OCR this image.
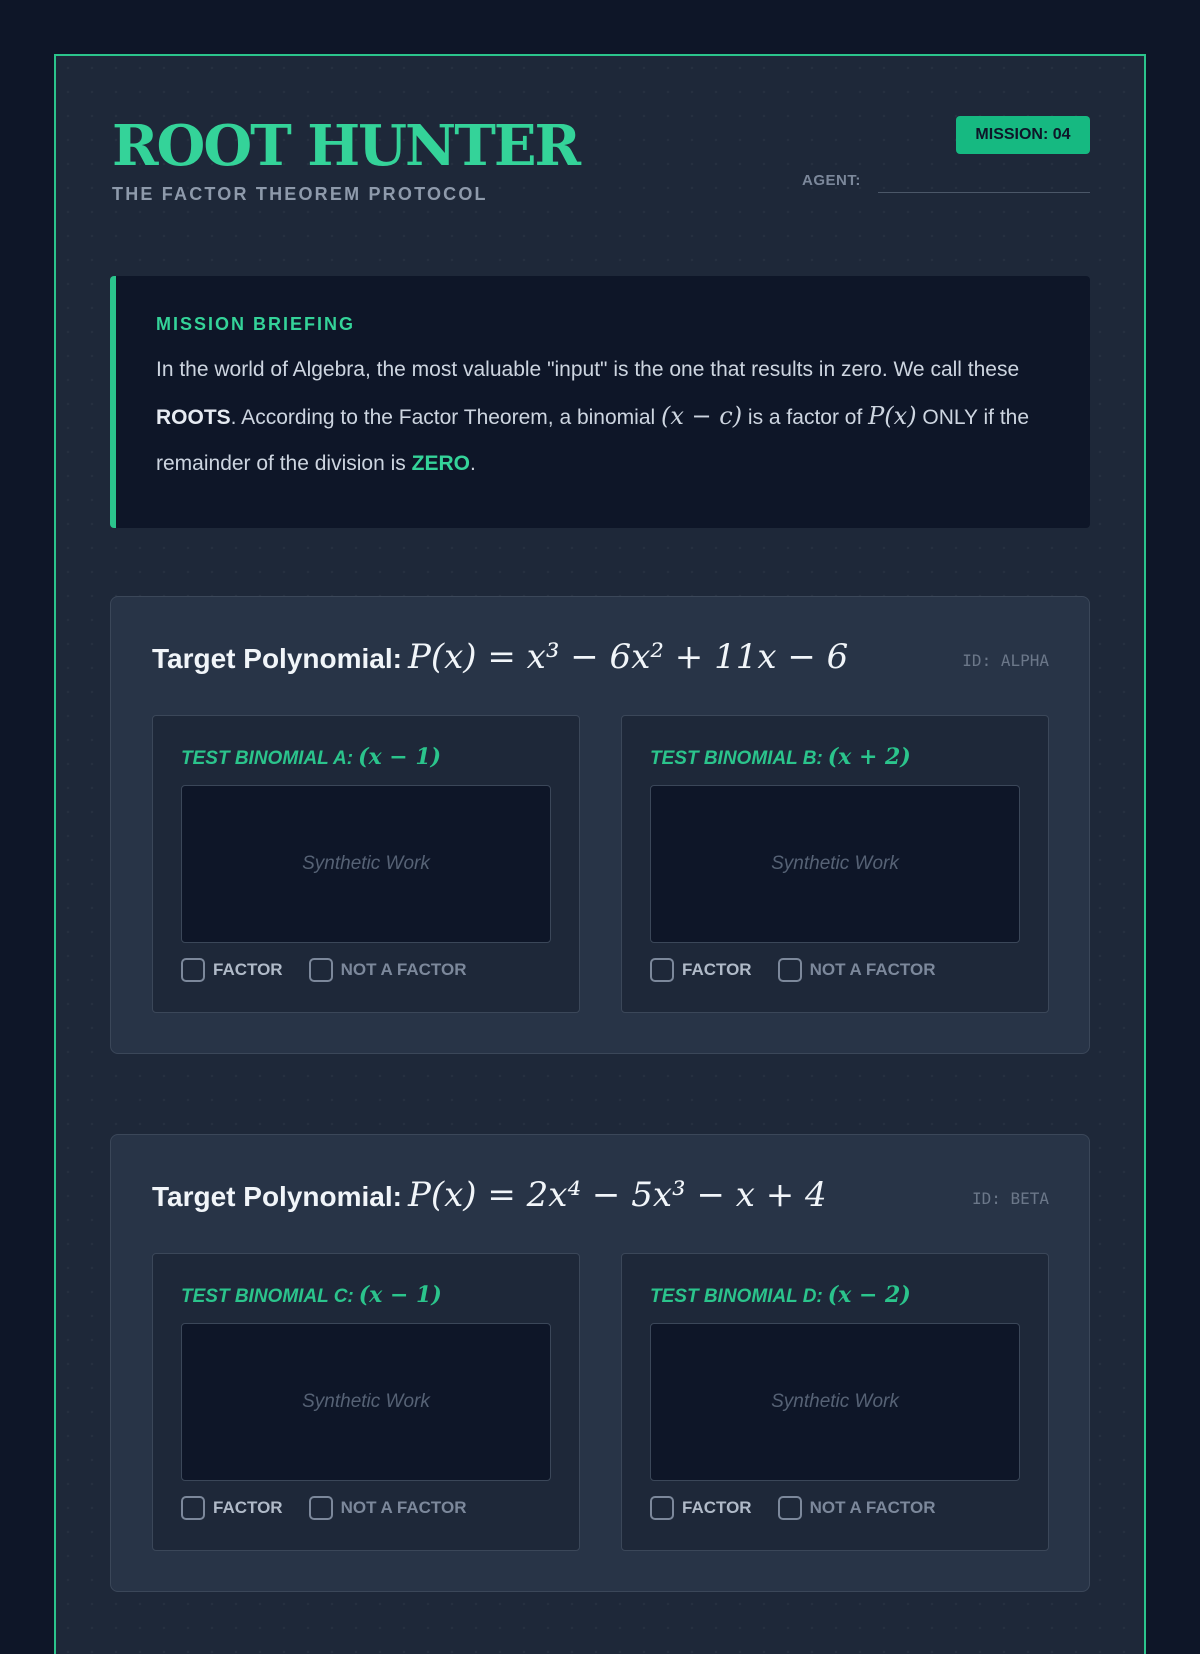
ROOT HUNTER
THE FACTOR THEOREM PROTOCOL
MISSION: 04
AGENT:
MISSION BRIEFING
In the world of Algebra, the most valuable "input" is the one that results in zero. We call these ROOTS. According to the Factor Theorem, a binomial (x − c) is a factor of P(x) ONLY if the remainder of the division is ZERO.
Target Polynomial: P(x) = x³ − 6x² + 11x − 6	ID: ALPHA
TEST BINOMIAL A: (x − 1)
Synthetic Work
FACTOR	NOT A FACTOR
TEST BINOMIAL B: (x + 2)
Synthetic Work
FACTOR	NOT A FACTOR
Target Polynomial: P(x) = 2x⁴ − 5x³ − x + 4	ID: BETA
TEST BINOMIAL C: (x − 1)
Synthetic Work
FACTOR	NOT A FACTOR
TEST BINOMIAL D: (x − 2)
Synthetic Work
FACTOR	NOT A FACTOR
